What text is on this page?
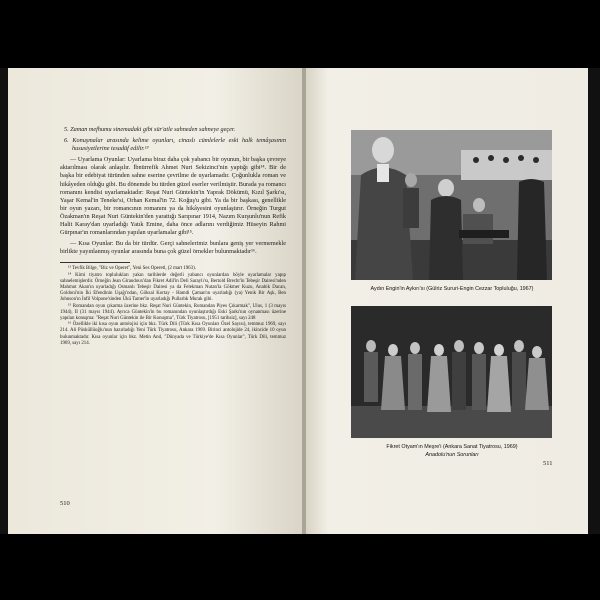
5. Zaman mefhumu sinemadaki gibi sür'atle sahneden sahneye geçer.

6. Konuşmalar arasında kelime oyunları, cinaslı cümlelerle eski halk temâşasının hususiyetlerine tesadüf edilir.¹³

— Uyarlama Oyunlar: Uyarlama biraz daha çok yabancı bir oyunun, bir başka çevreye aktarılması olarak anlaşılır. İbnürrefik Ahmet Nuri Sekizinci'nin yaptığı gibi¹⁴. Bir de başka bir edebiyat türünden sahne eserine çevrilme de uyarlamadır. Çoğunlukla roman ve hikâyeden olduğu gibi. Bu dönemde bu türden güzel eserler verilmiştir. Burada ya romancı romanını kendisi uyarlamaktadır: Reşat Nuri Güntekin'in Yaprak Dökümü, Kızıl Şarkı'sı, Yaşar Kemal'in Teneke'si, Orhan Kemal'in 72. Koğuş'u gibi. Ya da bir başkası, genellikle bir oyun yazarı, bir romancının romanını ya da hikâyesini oyunlaştırır. Örneğin Turgut Özakman'ın Reşat Nuri Güntekin'den yarattığı Sarıpınar 1914, Nazım Kurşunlu'nun Refik Halit Karay'dan uyarladığı Yatık Emine, daha önce adlarını verdiğimiz Hüseyin Rahmi Gürpınar'ın romanlarından yapılan uyarlamalar gibi¹⁵.

— Kısa Oyunlar: Bu da bir türdür. Gerçi sahnelerimiz bunlara geniş yer vermemekle birlikte yayınlanmış oyunlar arasında buna çok güzel örnekler bulunmaktadır¹⁶.

¹³ Tevfik Bilge, "Biz ve Operet", Yeni Ses Operetl, (2 mart 1963).

¹⁴ Kimi tiyatro toplulukları yakın tarihlerde değerli yabancı oyunlardan böyle uyarlamalar yapıp sahnelemişlerdir. Örneğin Jean Giraudoux'dan Fikret Adil'in Deli Saraylı'sı, Bertold Brecht'in Tebeşir Dairesi'nden Mahmut Akan'ın uyarladığı Osmanlı Tebeşir Dairesi ya da Felekman Nutan'la Gökmer Kuzu, Anabik Dacan, Goldoni'nin İki Efendinin Uşağı'ndan, Göksal Kortay - Hamdi Çaman'ın uyarladığı (ya) Yenik Bir Aşk, Ben Johnson'ın İnfil Volpone'sinden Ükü Tamer'in uyarladığı Pullarlık Murak gibi.

¹⁵ Romandan oyun çıkarma üzerine bkz. Reşat Nuri Güntekin, Romandan Piyes Çıkarmak", Ulus, 1 (3 mayıs 1944), II (31 mayıs 1944). Ayrıca Güntekin'in bu romanından oyunlaştırdığı Eski Şarkı'nın oynanması üzerine yapılan konuşma: "Reşat Nuri Güntekin ile Bir Konuşma", Türk Tiyatrosu, [1951 tarihsiz], sayı 248

¹⁶ Özellikle iki kısa oyun antolojisi için bkz. Türk Dili (Türk Kısa Oyunları Özel Sayısı), temmuz 1969, sayı 214. Ali Püsküllüoğlu'nun hazırladığı Yeni Türk Tiyatrosu, Ankara 1969. Birinci antolojide 24, ikincide 10 oyun bulunmaktadır. Kısa oyunlar için bkz. Metin And, "Dünyada ve Türkiye'de Kısa Oyunlar", Türk Dili, temmuz 1969, sayı 214.

510
Aydın Engin'in Aykırı'sı (Gülriz Sururi-Engin Cezzar Topluluğu, 1967)
Fikret Otyam'ın Meşre'i (Ankara Sanat Tiyatrosu, 1969)
Anadolu'nun Sorunları
511
